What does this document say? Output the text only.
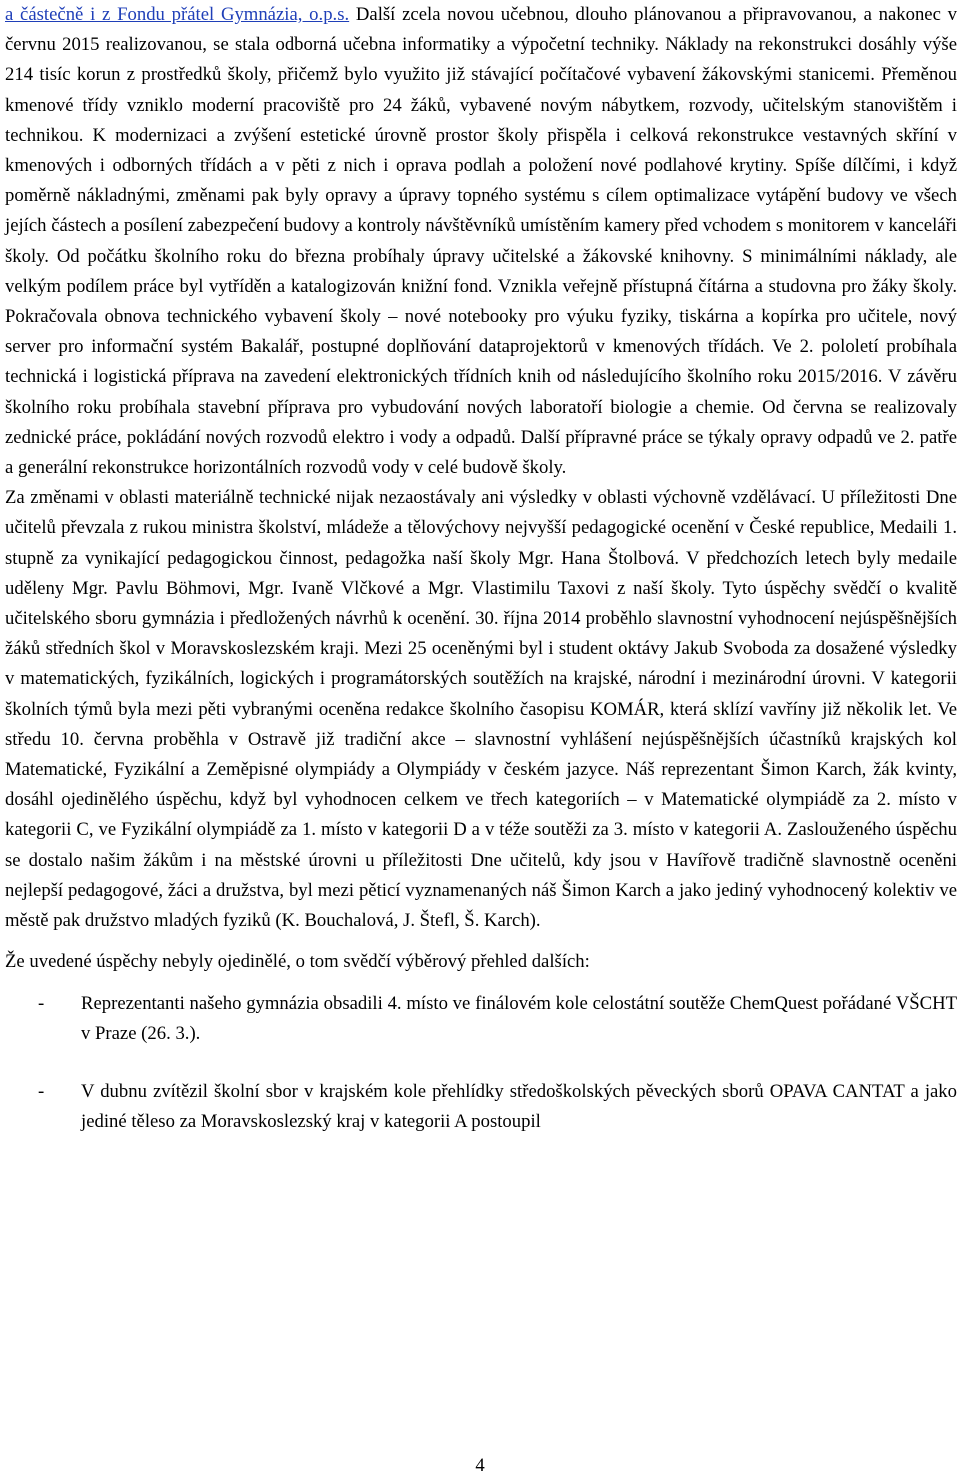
a částečně i z Fondu přátel Gymnázia, o.p.s. Další zcela novou učebnou, dlouho plánovanou a připravovanou, a nakonec v červnu 2015 realizovanou, se stala odborná učebna informatiky a výpočetní techniky. Náklady na rekonstrukci dosáhly výše 214 tisíc korun z prostředků školy, přičemž bylo využito již stávající počítačové vybavení žákovskými stanicemi. Přeměnou kmenové třídy vzniklo moderní pracoviště pro 24 žáků, vybavené novým nábytkem, rozvody, učitelským stanovištěm i technikou. K modernizaci a zvýšení estetické úrovně prostor školy přispěla i celková rekonstrukce vestavných skříní v kmenových i odborných třídách a v pěti z nich i oprava podlah a položení nové podlahové krytiny. Spíše dílčími, i když poměrně nákladnými, změnami pak byly opravy a úpravy topného systému s cílem optimalizace vytápění budovy ve všech jejích částech a posílení zabezpečení budovy a kontroly návštěvníků umístěním kamery před vchodem s monitorem v kanceláři školy. Od počátku školního roku do března probíhaly úpravy učitelské a žákovské knihovny. S minimálními náklady, ale velkým podílem práce byl vytříděn a katalogizován knižní fond. Vznikla veřejně přístupná čítárna a studovna pro žáky školy. Pokračovala obnova technického vybavení školy – nové notebooky pro výuku fyziky, tiskárna a kopírka pro učitele, nový server pro informační systém Bakalář, postupné doplňování dataprojektorů v kmenových třídách. Ve 2. pololetí probíhala technická i logistická příprava na zavedení elektronických třídních knih od následujícího školního roku 2015/2016. V závěru školního roku probíhala stavební příprava pro vybudování nových laboratoří biologie a chemie. Od června se realizovaly zednické práce, pokládání nových rozvodů elektro i vody a odpadů. Další přípravné práce se týkaly opravy odpadů ve 2. patře a generální rekonstrukce horizontálních rozvodů vody v celé budově školy.

Za změnami v oblasti materiálně technické nijak nezaostávaly ani výsledky v oblasti výchovně vzdělávací. U příležitosti Dne učitelů převzala z rukou ministra školství, mládeže a tělovýchovy nejvyšší pedagogické ocenění v České republice, Medaili 1. stupně za vynikající pedagogickou činnost, pedagožka naší školy Mgr. Hana Štolbová. V předchozích letech byly medaile uděleny Mgr. Pavlu Böhmovi, Mgr. Ivaně Vlčkové a Mgr. Vlastimilu Taxovi z naší školy. Tyto úspěchy svědčí o kvalitě učitelského sboru gymnázia i předložených návrhů k ocenění. 30. října 2014 proběhlo slavnostní vyhodnocení nejúspěšnějších žáků středních škol v Moravskoslezském kraji. Mezi 25 oceněnými byl i student oktávy Jakub Svoboda za dosažené výsledky v matematických, fyzikálních, logických i programátorských soutěžích na krajské, národní i mezinárodní úrovni. V kategorii školních týmů byla mezi pěti vybranými oceněna redakce školního časopisu KOMÁR, která sklízí vavříny již několik let. Ve středu 10. června proběhla v Ostravě již tradiční akce – slavnostní vyhlášení nejúspěšnějších účastníků krajských kol Matematické, Fyzikální a Zeměpisné olympiády a Olympiády v českém jazyce. Náš reprezentant Šimon Karch, žák kvinty, dosáhl ojedinělého úspěchu, když byl vyhodnocen celkem ve třech kategoriích – v Matematické olympiádě za 2. místo v kategorii C, ve Fyzikální olympiádě za 1. místo v kategorii D a v téže soutěži za 3. místo v kategorii A. Zaslouženého úspěchu se dostalo našim žákům i na městské úrovni u příležitosti Dne učitelů, kdy jsou v Havířově tradičně slavnostně oceněni nejlepší pedagogové, žáci a družstva, byl mezi pěticí vyznamenaných náš Šimon Karch a jako jediný vyhodnocený kolektiv ve městě pak družstvo mladých fyziků (K. Bouchalová, J. Štefl, Š. Karch).

Že uvedené úspěchy nebyly ojedinělé, o tom svědčí výběrový přehled dalších:

- Reprezentanti našeho gymnázia obsadili 4. místo ve finálovém kole celostátní soutěže ChemQuest pořádané VŠCHT v Praze (26. 3.).
- V dubnu zvítězil školní sbor v krajském kole přehlídky středoškolských pěveckých sborů OPAVA CANTAT a jako jediné těleso za Moravskoslezský kraj v kategorii A postoupil
4
